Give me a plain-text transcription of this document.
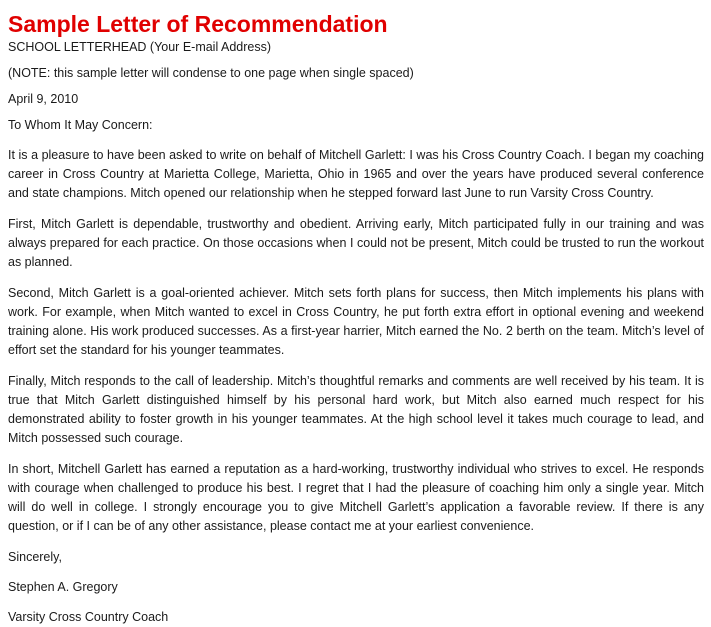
Sample Letter of Recommendation
SCHOOL LETTERHEAD (Your E-mail Address)
(NOTE: this sample letter will condense to one page when single spaced)
April 9, 2010
To Whom It May Concern:

It is a pleasure to have been asked to write on behalf of Mitchell Garlett: I was his Cross Country Coach. I began my coaching career in Cross Country at Marietta College, Marietta, Ohio in 1965 and over the years have produced several conference and state champions. Mitch opened our relationship when he stepped forward last June to run Varsity Cross Country.

First, Mitch Garlett is dependable, trustworthy and obedient. Arriving early, Mitch participated fully in our training and was always prepared for each practice. On those occasions when I could not be present, Mitch could be trusted to run the workout as planned.

Second, Mitch Garlett is a goal-oriented achiever. Mitch sets forth plans for success, then Mitch implements his plans with work. For example, when Mitch wanted to excel in Cross Country, he put forth extra effort in optional evening and weekend training alone. His work produced successes. As a first-year harrier, Mitch earned the No. 2 berth on the team. Mitch’s level of effort set the standard for his younger teammates.

Finally, Mitch responds to the call of leadership. Mitch’s thoughtful remarks and comments are well received by his team. It is true that Mitch Garlett distinguished himself by his personal hard work, but Mitch also earned much respect for his demonstrated ability to foster growth in his younger teammates. At the high school level it takes much courage to lead, and Mitch possessed such courage.

In short, Mitchell Garlett has earned a reputation as a hard-working, trustworthy individual who strives to excel. He responds with courage when challenged to produce his best. I regret that I had the pleasure of coaching him only a single year. Mitch will do well in college. I strongly encourage you to give Mitchell Garlett’s application a favorable review. If there is any question, or if I can be of any other assistance, please contact me at your earliest convenience.

Sincerely,
Stephen A. Gregory
Varsity Cross Country Coach
